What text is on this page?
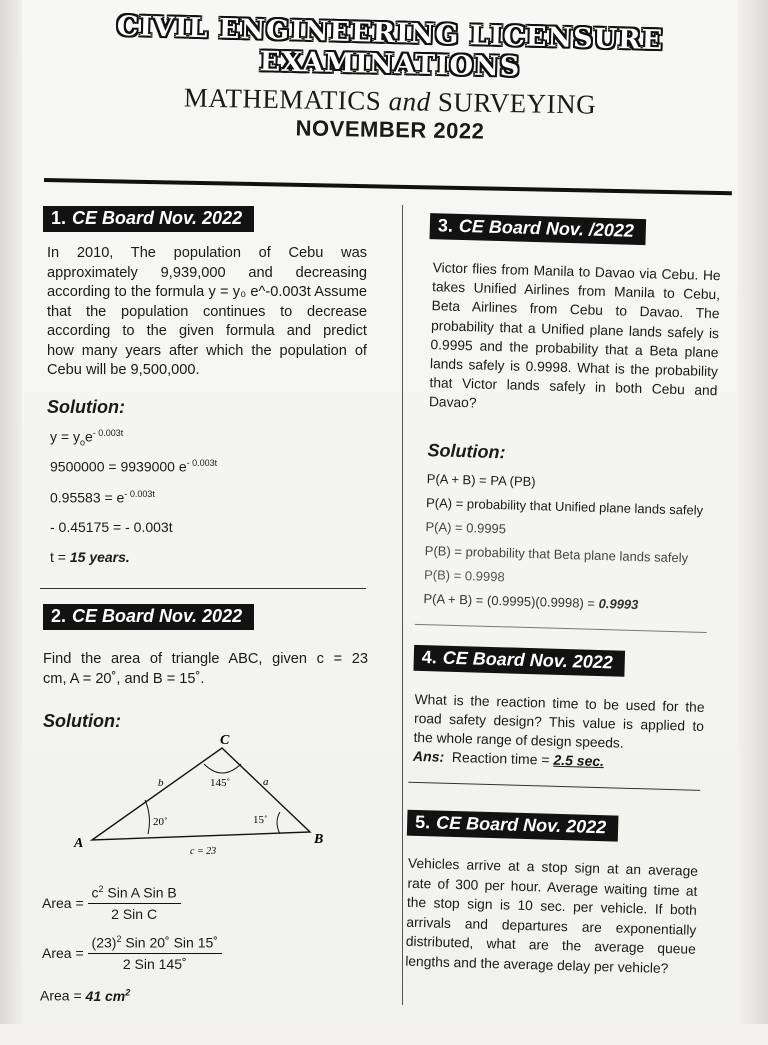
CIVIL ENGINEERING LICENSURE
EXAMINATIONS
MATHEMATICS and SURVEYING
NOVEMBER 2022
1. CE Board Nov. 2022
In 2010, The population of Cebu was
approximately 9,939,000 and decreasing
according to the formula y = y₀ e^-0.003t Assume
that the population continues to decrease
according to the given formula and predict
how many years after which the population of
Cebu will be 9,500,000.
Solution:
$y = y_oe^{- 0.003t}$
9500000 = 9939000 $e^{- 0.003t}$
$0.95583 = e^{- 0.003t}$
- 0.45175 = - 0.003t
t = 15 years.
2. CE Board Nov. 2022
Find the area of triangle ABC, given c = 23
cm, A = 20˚, and B = 15˚.
Solution:
C
A	B
b	a
c = 23
145˚
20˚	15˚
Area = $\frac{c^2 Sin A Sin B}{\text{2 Sin C}}$
Area = $\frac{(23)^2 Sin 20˚ Sin 15˚}{\text{2 Sin 145˚}}$
Area = 41 $cm^2$
3. CE Board Nov. /2022
Victor flies from Manila to Davao via Cebu. He
takes Unified Airlines from Manila to Cebu,
Beta Airlines from Cebu to Davao. The
probability that a Unified plane lands safely is
0.9995 and the probability that a Beta plane
lands safely is 0.9998. What is the probability
that Victor lands safely in both Cebu and
Davao?
Solution:
P(A + B) = PA (PB)
P(A) = probability that Unified plane lands safely
P(A) = 0.9995
P(B) = probability that Beta plane lands safely
P(B) = 0.9998
P(A + B) = (0.9995)(0.9998) = 0.9993
4. CE Board Nov. 2022
What is the reaction time to be used for the
road safety design? This value is applied to
the whole range of design speeds.
Ans: Reaction time = 2.5 sec.
5. CE Board Nov. 2022
Vehicles arrive at a stop sign at an average
rate of 300 per hour. Average waiting time at
the stop sign is 10 sec. per vehicle. If both
arrivals and departures are exponentially
distributed, what are the average queue
lengths and the average delay per vehicle?
